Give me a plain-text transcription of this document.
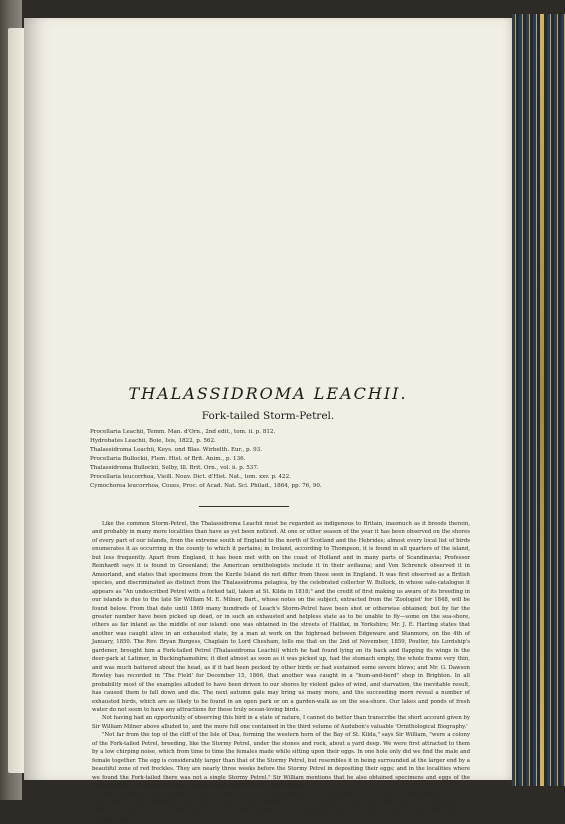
THALASSIDROMA LEACHII.
Fork-tailed Storm-Petrel.
Procellaria Leachii, Temm. Man. d'Orn., 2nd edit., tom. ii. p. 812.
Hydrobates Leachii, Boie, Isis, 1822, p. 562.
Thalassidroma Leachii, Keys. und Blas. Wirbelth. Eur., p. 93.
Procellaria Bullockii, Flem. Hist. of Brit. Anim., p. 136.
Thalassidroma Bullockii, Selby, Ill. Brit. Orn., vol. ii. p. 537.
Procellaria leucorrhoa, Vieill. Nouv. Dict. d'Hist. Nat., tom. xxv. p. 422.
Cymochorea leucorrhoa, Coues, Proc. of Acad. Nat. Sci. Philad., 1864, pp. 76, 90.

Like the common Storm-Petrel, the Thalassidroma Leachii must be regarded as indigenous to Britain, inasmuch as it breeds therein, and probably in many more localities than have as yet been noticed. At one or other season of the year it has been observed on the shores of every part of our islands, from the extreme south of England to the north of Scotland and the Hebrides; almost every local list of birds enumerates it as occurring in the county to which it pertains; in Ireland, according to Thompson, it is found in all quarters of the island, but less frequently. Apart from England, it has been met with on the coast of Holland and in many parts of Scandinavia; Professor Reinhardt says it is found in Greenland; the American ornithologists include it in their avifauna; and Von Schrenck observed it in Amoorland, and states that specimens from the Kurile Island do not differ from those seen in England. It was first observed as a British species, and discriminated as distinct from the Thalassidroma pelagica, by the celebrated collector W. Bullock, in whose sale-catalogue it appears as "An undescribed Petrel with a forked tail, taken at St. Kilda in 1818;" and the credit of first making us aware of its breeding in our islands is due to the late Sir William M. E. Milner, Bart., whose notes on the subject, extracted from the 'Zoologist' for 1848, will be found below. From that date until 1869 many hundreds of Leach's Storm-Petrel have been shot or otherwise obtained; but by far the greater number have been picked up dead, or in such an exhausted and helpless state as to be unable to fly—some on the sea-shore, others as far inland as the middle of our island: one was obtained in the streets of Halifax, in Yorkshire; Mr. J. E. Harting states that another was caught alive in an exhausted state, by a man at work on the highroad between Edgeware and Stanmore, on the 4th of January, 1850. The Rev. Bryan Burgess, Chaplain to Lord Chesham, tells me that on the 2nd of November, 1859, Poulter, his Lordship's gardener, brought him a Fork-tailed Petrel (Thalassidroma Leachii) which he had found lying on its back and flapping its wings in the deer-park at Latimer, in Buckinghamshire; it died almost as soon as it was picked up, had the stomach empty, the whole frame very thin, and was much battered about the head, as if it had been pecked by other birds or had sustained some severe blows; and Mr. G. Dawson Rowley has recorded in 'The Field' for December 15, 1866, that another was caught in a "hum-and-herd" shop in Brighton. In all probability most of the examples alluded to have been driven to our shores by violent gales of wind, and starvation, the inevitable result, has caused them to fall down and die. The next autumn gale may bring us many more, and the succeeding morn reveal a number of exhausted birds, which are as likely to be found in an open park or on a garden-walk as on the sea-shore. Our lakes and ponds of fresh water do not seem to have any attractions for these truly ocean-loving birds.

Not having had an opportunity of observing this bird in a state of nature, I cannot do better than transcribe the short account given by Sir William Milner above alluded to, and the more full one contained in the third volume of Audubon's valuable 'Ornithological Biography.'

"Not far from the top of the cliff of the Isle of Doa, forming the western horn of the Bay of St. Kilda," says Sir William, "were a colony of the Fork-tailed Petrel, breeding, like the Stormy Petrel, under the stones and rock, about a yard deep. We were first attracted to them by a low chirping noise, which from time to time the females made while sitting upon their eggs. In one hole only did we find the male and female together. The egg is considerably larger than that of the Stormy Petrel, but resembles it in being surrounded at the larger end by a beautiful zone of red freckles. They are nearly three weeks before the Stormy Petrel in depositing their eggs; and in the localities where we found the Fork-tailed there was not a single Stormy Petrel." Sir William mentions that he also obtained specimens and eggs of the Thalassidroma Leachii on Borrera, another small island of the St. Kilda group.

After mentioning that towards the end of August 1831, the Storm-Petrel was so abundant off the coast of Newfoundland that from twenty-five to thirty individuals were shot in about an hour, Audubon says, "The species of this genus with which I am acquainted all ramble over the seas, both by night and by day, until the breeding-season commences; they then remain in their burrows, under rocks or in their fissures,
